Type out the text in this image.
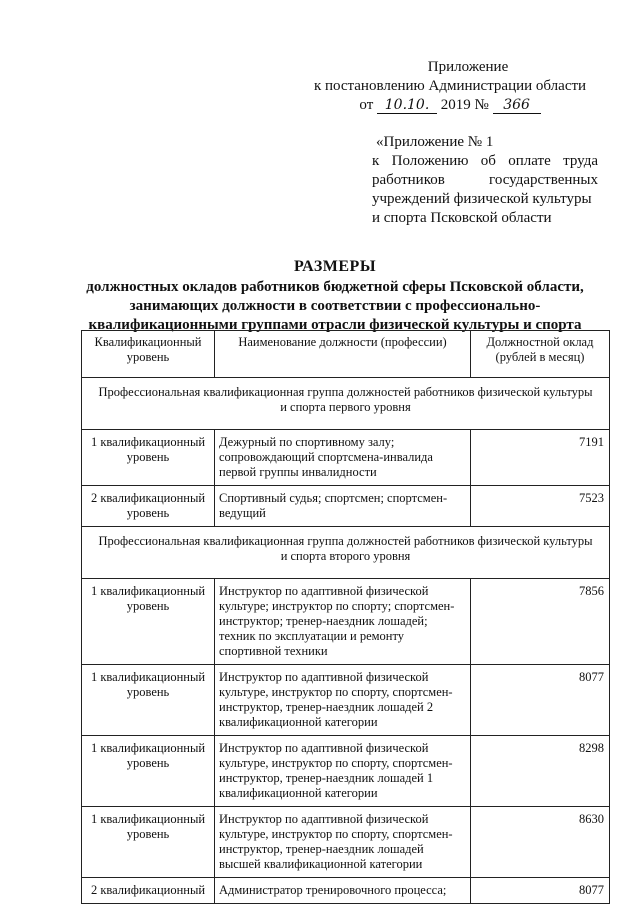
Приложение
к постановлению Администрации области
от 10.10. 2019 № 366
«Приложение № 1
к Положению об оплате труда
работников государственных
учреждений физической культуры
и спорта Псковской области
РАЗМЕРЫ
должностных окладов работников бюджетной сферы Псковской области,
занимающих должности в соответствии с профессионально-
квалификационными группами отрасли физической культуры и спорта
Квалификационный уровень	Наименование должности (профессии)	Должностной оклад (рублей в месяц)

Профессиональная квалификационная группа должностей работников физической культуры
и спорта первого уровня		

1 квалификационный уровень	Дежурный по спортивному залу; сопровождающий спортсмена-инвалида первой группы инвалидности	7191
2 квалификационный уровень	Спортивный судья; спортсмен; спортсмен-ведущий	7523

Профессиональная квалификационная группа должностей работников физической культуры
и спорта второго уровня		

1 квалификационный уровень	Инструктор по адаптивной физической культуре; инструктор по спорту; спортсмен-инструктор; тренер-наездник лошадей; техник по эксплуатации и ремонту спортивной техники	7856
1 квалификационный уровень	Инструктор по адаптивной физической культуре, инструктор по спорту, спортсмен-инструктор, тренер-наездник лошадей 2 квалификационной категории	8077
1 квалификационный уровень	Инструктор по адаптивной физической культуре, инструктор по спорту, спортсмен-инструктор, тренер-наездник лошадей 1 квалификационной категории	8298
1 квалификационный уровень	Инструктор по адаптивной физической культуре, инструктор по спорту, спортсмен-инструктор, тренер-наездник лошадей высшей квалификационной категории	8630
2 квалификационный	Администратор тренировочного процесса;	8077
